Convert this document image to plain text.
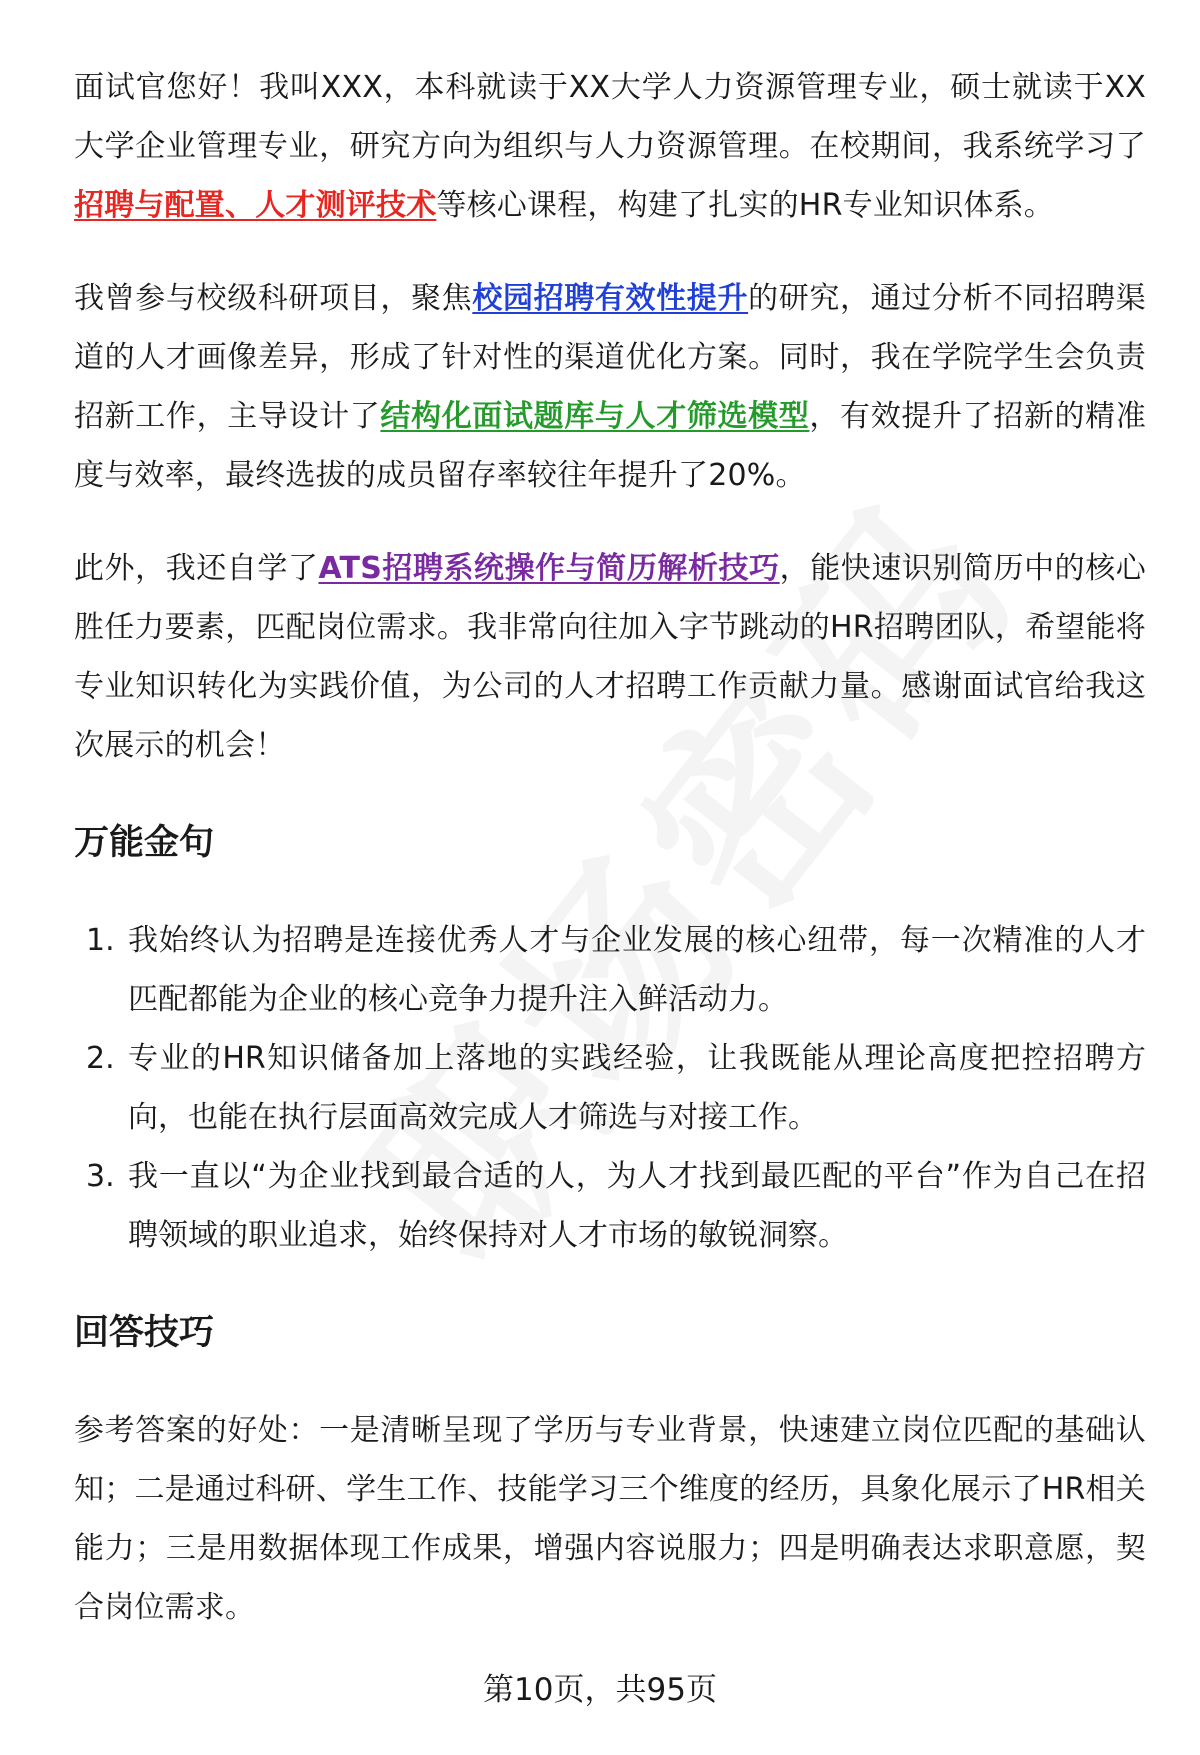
面试官您好！我叫XXX，本科就读于XX大学人力资源管理专业，硕士就读于XX大学企业管理专业，研究方向为组织与人力资源管理。在校期间，我系统学习了招聘与配置、人才测评技术等核心课程，构建了扎实的HR专业知识体系。

我曾参与校级科研项目，聚焦校园招聘有效性提升的研究，通过分析不同招聘渠道的人才画像差异，形成了针对性的渠道优化方案。同时，我在学院学生会负责招新工作，主导设计了结构化面试题库与人才筛选模型，有效提升了招新的精准度与效率，最终选拔的成员留存率较往年提升了20%。

此外，我还自学了ATS招聘系统操作与简历解析技巧，能快速识别简历中的核心胜任力要素，匹配岗位需求。我非常向往加入字节跳动的HR招聘团队，希望能将专业知识转化为实践价值，为公司的人才招聘工作贡献力量。感谢面试官给我这次展示的机会！

万能金句
1. 我始终认为招聘是连接优秀人才与企业发展的核心纽带，每一次精准的人才匹配都能为企业的核心竞争力提升注入鲜活动力。
2. 专业的HR知识储备加上落地的实践经验，让我既能从理论高度把控招聘方向，也能在执行层面高效完成人才筛选与对接工作。
3. 我一直以“为企业找到最合适的人，为人才找到最匹配的平台”作为自己在招聘领域的职业追求，始终保持对人才市场的敏锐洞察。
回答技巧

参考答案的好处：一是清晰呈现了学历与专业背景，快速建立岗位匹配的基础认知；二是通过科研、学生工作、技能学习三个维度的经历，具象化展示了HR相关能力；三是用数据体现工作成果，增强内容说服力；四是明确表达求职意愿，契合岗位需求。

第10页，共95页
